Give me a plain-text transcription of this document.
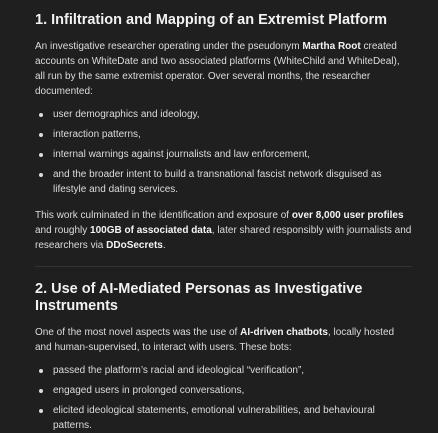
1. Infiltration and Mapping of an Extremist Platform

An investigative researcher operating under the pseudonym Martha Root created accounts on WhiteDate and two associated platforms (WhiteChild and WhiteDeal), all run by the same extremist operator. Over several months, the researcher documented:

user demographics and ideology,
interaction patterns,
internal warnings against journalists and law enforcement,
and the broader intent to build a transnational fascist network disguised as lifestyle and dating services.

This work culminated in the identification and exposure of over 8,000 user profiles and roughly 100GB of associated data, later shared responsibly with journalists and researchers via DDoSecrets.

2. Use of AI-Mediated Personas as Investigative Instruments

One of the most novel aspects was the use of AI-driven chatbots, locally hosted and human-supervised, to interact with users. These bots:

passed the platform’s racial and ideological “verification”,
engaged users in prolonged conversations,
elicited ideological statements, emotional vulnerabilities, and behavioural patterns.
